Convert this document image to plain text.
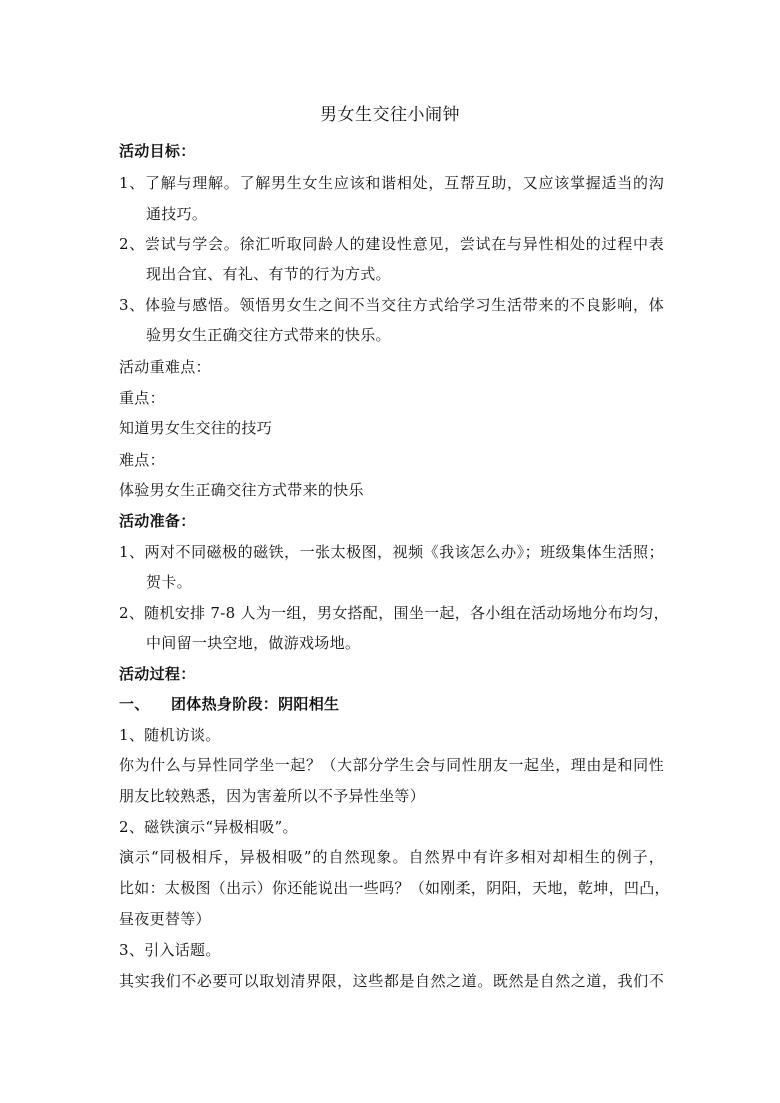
男女生交往小闹钟
活动目标：
1、了解与理解。了解男生女生应该和谐相处，互帮互助，又应该掌握适当的沟
通技巧。
2、尝试与学会。徐汇听取同龄人的建设性意见，尝试在与异性相处的过程中表
现出合宜、有礼、有节的行为方式。
3、体验与感悟。领悟男女生之间不当交往方式给学习生活带来的不良影响，体
验男女生正确交往方式带来的快乐。
活动重难点：
重点：
知道男女生交往的技巧
难点：
体验男女生正确交往方式带来的快乐
活动准备：
1、两对不同磁极的磁铁，一张太极图，视频《我该怎么办》；班级集体生活照；
贺卡。
2、随机安排 7-8 人为一组，男女搭配，围坐一起，各小组在活动场地分布均匀，
中间留一块空地，做游戏场地。
活动过程：
一、 团体热身阶段：阴阳相生
1、随机访谈。
你为什么与异性同学坐一起？（大部分学生会与同性朋友一起坐，理由是和同性
朋友比较熟悉，因为害羞所以不予异性坐等）
2、磁铁演示“异极相吸”。
演示“同极相斥，异极相吸”的自然现象。自然界中有许多相对却相生的例子，
比如：太极图（出示）你还能说出一些吗？（如刚柔，阴阳，天地，乾坤，凹凸，
昼夜更替等）
3、引入话题。
其实我们不必要可以取划清界限，这些都是自然之道。既然是自然之道，我们不
